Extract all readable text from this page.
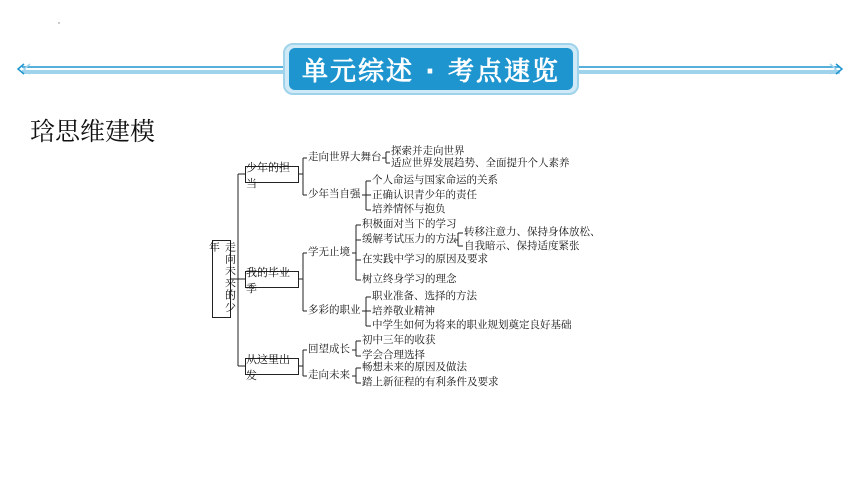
单元综述 · 考点速览
琀思维建模
走向未来的少年
少年的担当
我的毕业季
从这里出发
走向世界大舞台 探索并走向世界
适应世界发展趋势、全面提升个人素养
少年当自强
个人命运与国家命运的关系
正确认识青少年的责任
培养情怀与抱负
学无止境
积极面对当下的学习
缓解考试压力的方法
转移注意力、保持身体放松、
自我暗示、保持适度紧张
在实践中学习的原因及要求
树立终身学习的理念
多彩的职业
职业准备、选择的方法
培养敬业精神
中学生如何为将来的职业规划奠定良好基础
回望成长
初中三年的收获
学会合理选择
走向未来
畅想未来的原因及做法
踏上新征程的有利条件及要求
